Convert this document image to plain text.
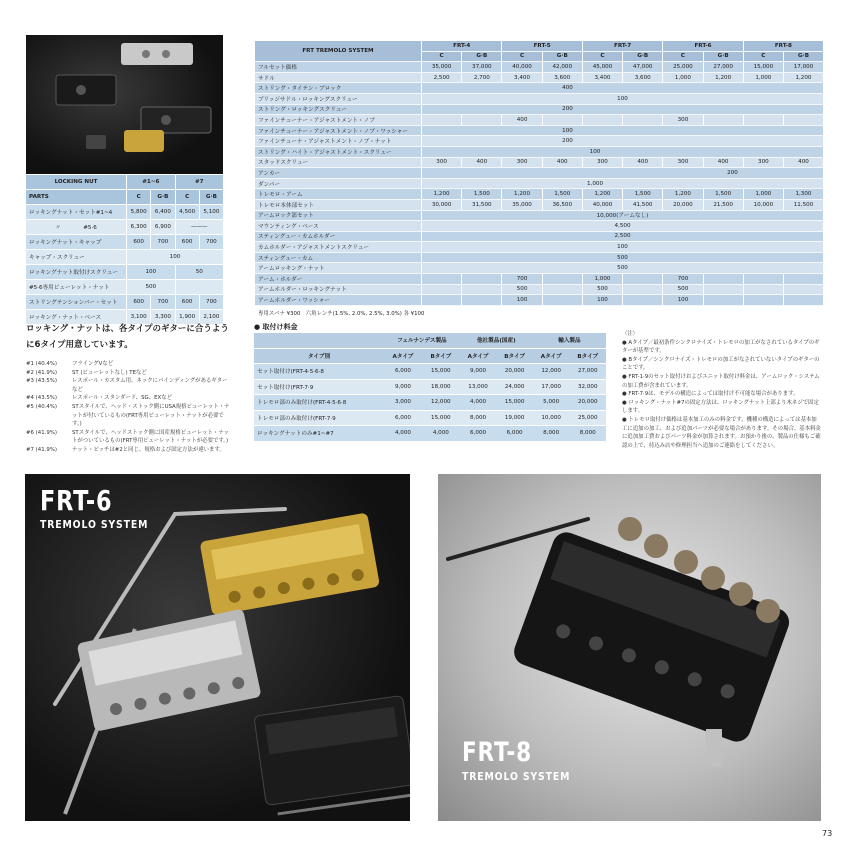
LOCKING NUT	#1~6		#7	
PARTS	C	G·B	C	G·B
ロッキングナット・セット#1~4	5,800	6,400	4,500	5,100
〃　　　　#5·6	6,300	6,900	———	
ロッキングナット・キャップ	600	700	600	700
キャップ・スクリュー	100			
ロッキングナット取付けスクリュー	100		50	
#5·6専用ビューレット・ナット	500			
ストリングテンションバー・セット	600	700	600	700
ロッキング・ナット・ベース	3,100	3,300	1,900	2,100
ロッキング・ナットは、各タイプのギターに合うように6タイプ用意しています。
#1 (40.4%)	フライングVなど
#2 (41.9%)	ST (ビューレットなし) TEなど
#3 (43.5%)	レスポール・カスタム用、ネックにバインディングがあるギターなど
#4 (43.5%)	レスポール・スタンダード、SG、EXなど
#5 (40.4%)	STスタイルで、ヘッド・ストック側にUSA規格ビューレット・ナットが付いているもの(FRT専用ビューレット・ナットが必要です。)
#6 (41.9%)	STスタイルで、ヘッドストック側に国産規格ビューレット・ナットがついているもの(FRT専用ビューレット・ナットが必要です。)
#7 (41.9%)	ナット・ピッチは#2と同じ、規格および固定方法が違います。
FRT TREMOLO SYSTEM	FRT-4		FRT-5		FRT-7		FRT-6		FRT-8	
	C	G·B	C	G·B	C	G·B	C	G·B	C	G·B
フルセット価格	35,000	37,000	40,000	42,000	45,000	47,000	25,000	27,000	15,000	17,000
サドル	2,500	2,700	3,400	3,600	3,400	3,600	1,000	1,200	1,000	1,200
ストリング・タイテン・ブロック	400									
ブリッジサドル・ロッキングスクリュー	100									
ストリング・ロッキングスクリュー	200									
ファインチューナー・アジャストメント・ノブ			400				300			
ファインチューナー・アジャストメント・ノブ・ワッシャー	100									
ファインチューナ・アジャストメント・ノブ・ナット	200									
ストリング・ハイト・アジャストメント・スクリュー	100									
スタッドスクリュー	300	400	300	400	300	400	300	400	300	400
アンカー	200									
ダンパー	1,000									
トレモロ・アーム	1,200	1,500	1,200	1,500	1,200	1,500	1,200	1,500	1,000	1,300
トレモロ本体部セット	30,000	31,500	35,000	36,500	40,000	41,500	20,000	21,500	10,000	11,500
アームロック部セット	10,000(アームなし)									
マウンティング・ベース	4,500									
スティングュー・カムホルダー	2,500									
カムホルダー・アジャストメントスクリュー	100									
スティングュー・カム	500									
アームロッキング・ナット	500									
アーム・ホルダー			700		1,000		700			
アームホルダー・ロッキングナット			500		500		500			
アームホルダー・ワッシャー			100		100		100			
専用スパナ ¥300　六角レンチ(1.5%, 2.0%, 2.5%, 3.0%) 各 ¥100
● 取付け料金
	フェルナンデス製品		他社製品(国産)		輸入製品	
タイプ別	Aタイプ	Bタイプ	Aタイプ	Bタイプ	Aタイプ	Bタイプ
セット取付け(FRT-4·5·6·8	6,000	15,000	9,000	20,000	12,000	27,000
セット取付け(FRT-7·9	9,000	18,000	13,000	24,000	17,000	32,000
トレモロ部のみ取付け(FRT-4·5·6·8	3,000	12,000	4,000	15,000	5,000	20,000
トレモロ部のみ取付け(FRT-7·9	6,000	15,000	8,000	19,000	10,000	25,000
ロッキングナットのみ#1~#7	4,000	4,000	6,000	6,000	8,000	8,000
〈注〉
● Aタイプ／最初条件シンクロナイズ・トレモロの加工がなされているタイプのギターが基準です。
● Bタイプ／シンクロナイズ・トレモロの加工がなされていないタイプのギターのことです。
● FRT-1·9のセット取付けおよびユニット取付け料金は、アームロック・システムの加工費が含まれています。
● FRT-7·9は、モデルの構造によっては取付け不可能な場合があります。
● ロッキング・ナット#7の固定方法は、ロッキングナット上部より木ネジで固定します。
● トレモロ取付け価格は基本加工のみの料金です。機種の構造によっては基本加工に追加の加工、および追加パーツが必要な場合があります。その場合、基本料金に追加加工費およびパーツ料金が加算されます。お預かり後の、製品の仕様もご確認の上で、持込み店や修理担当へ追加のご連絡をしてください。
FRT-6
TREMOLO SYSTEM
FRT-8
TREMOLO SYSTEM
73
